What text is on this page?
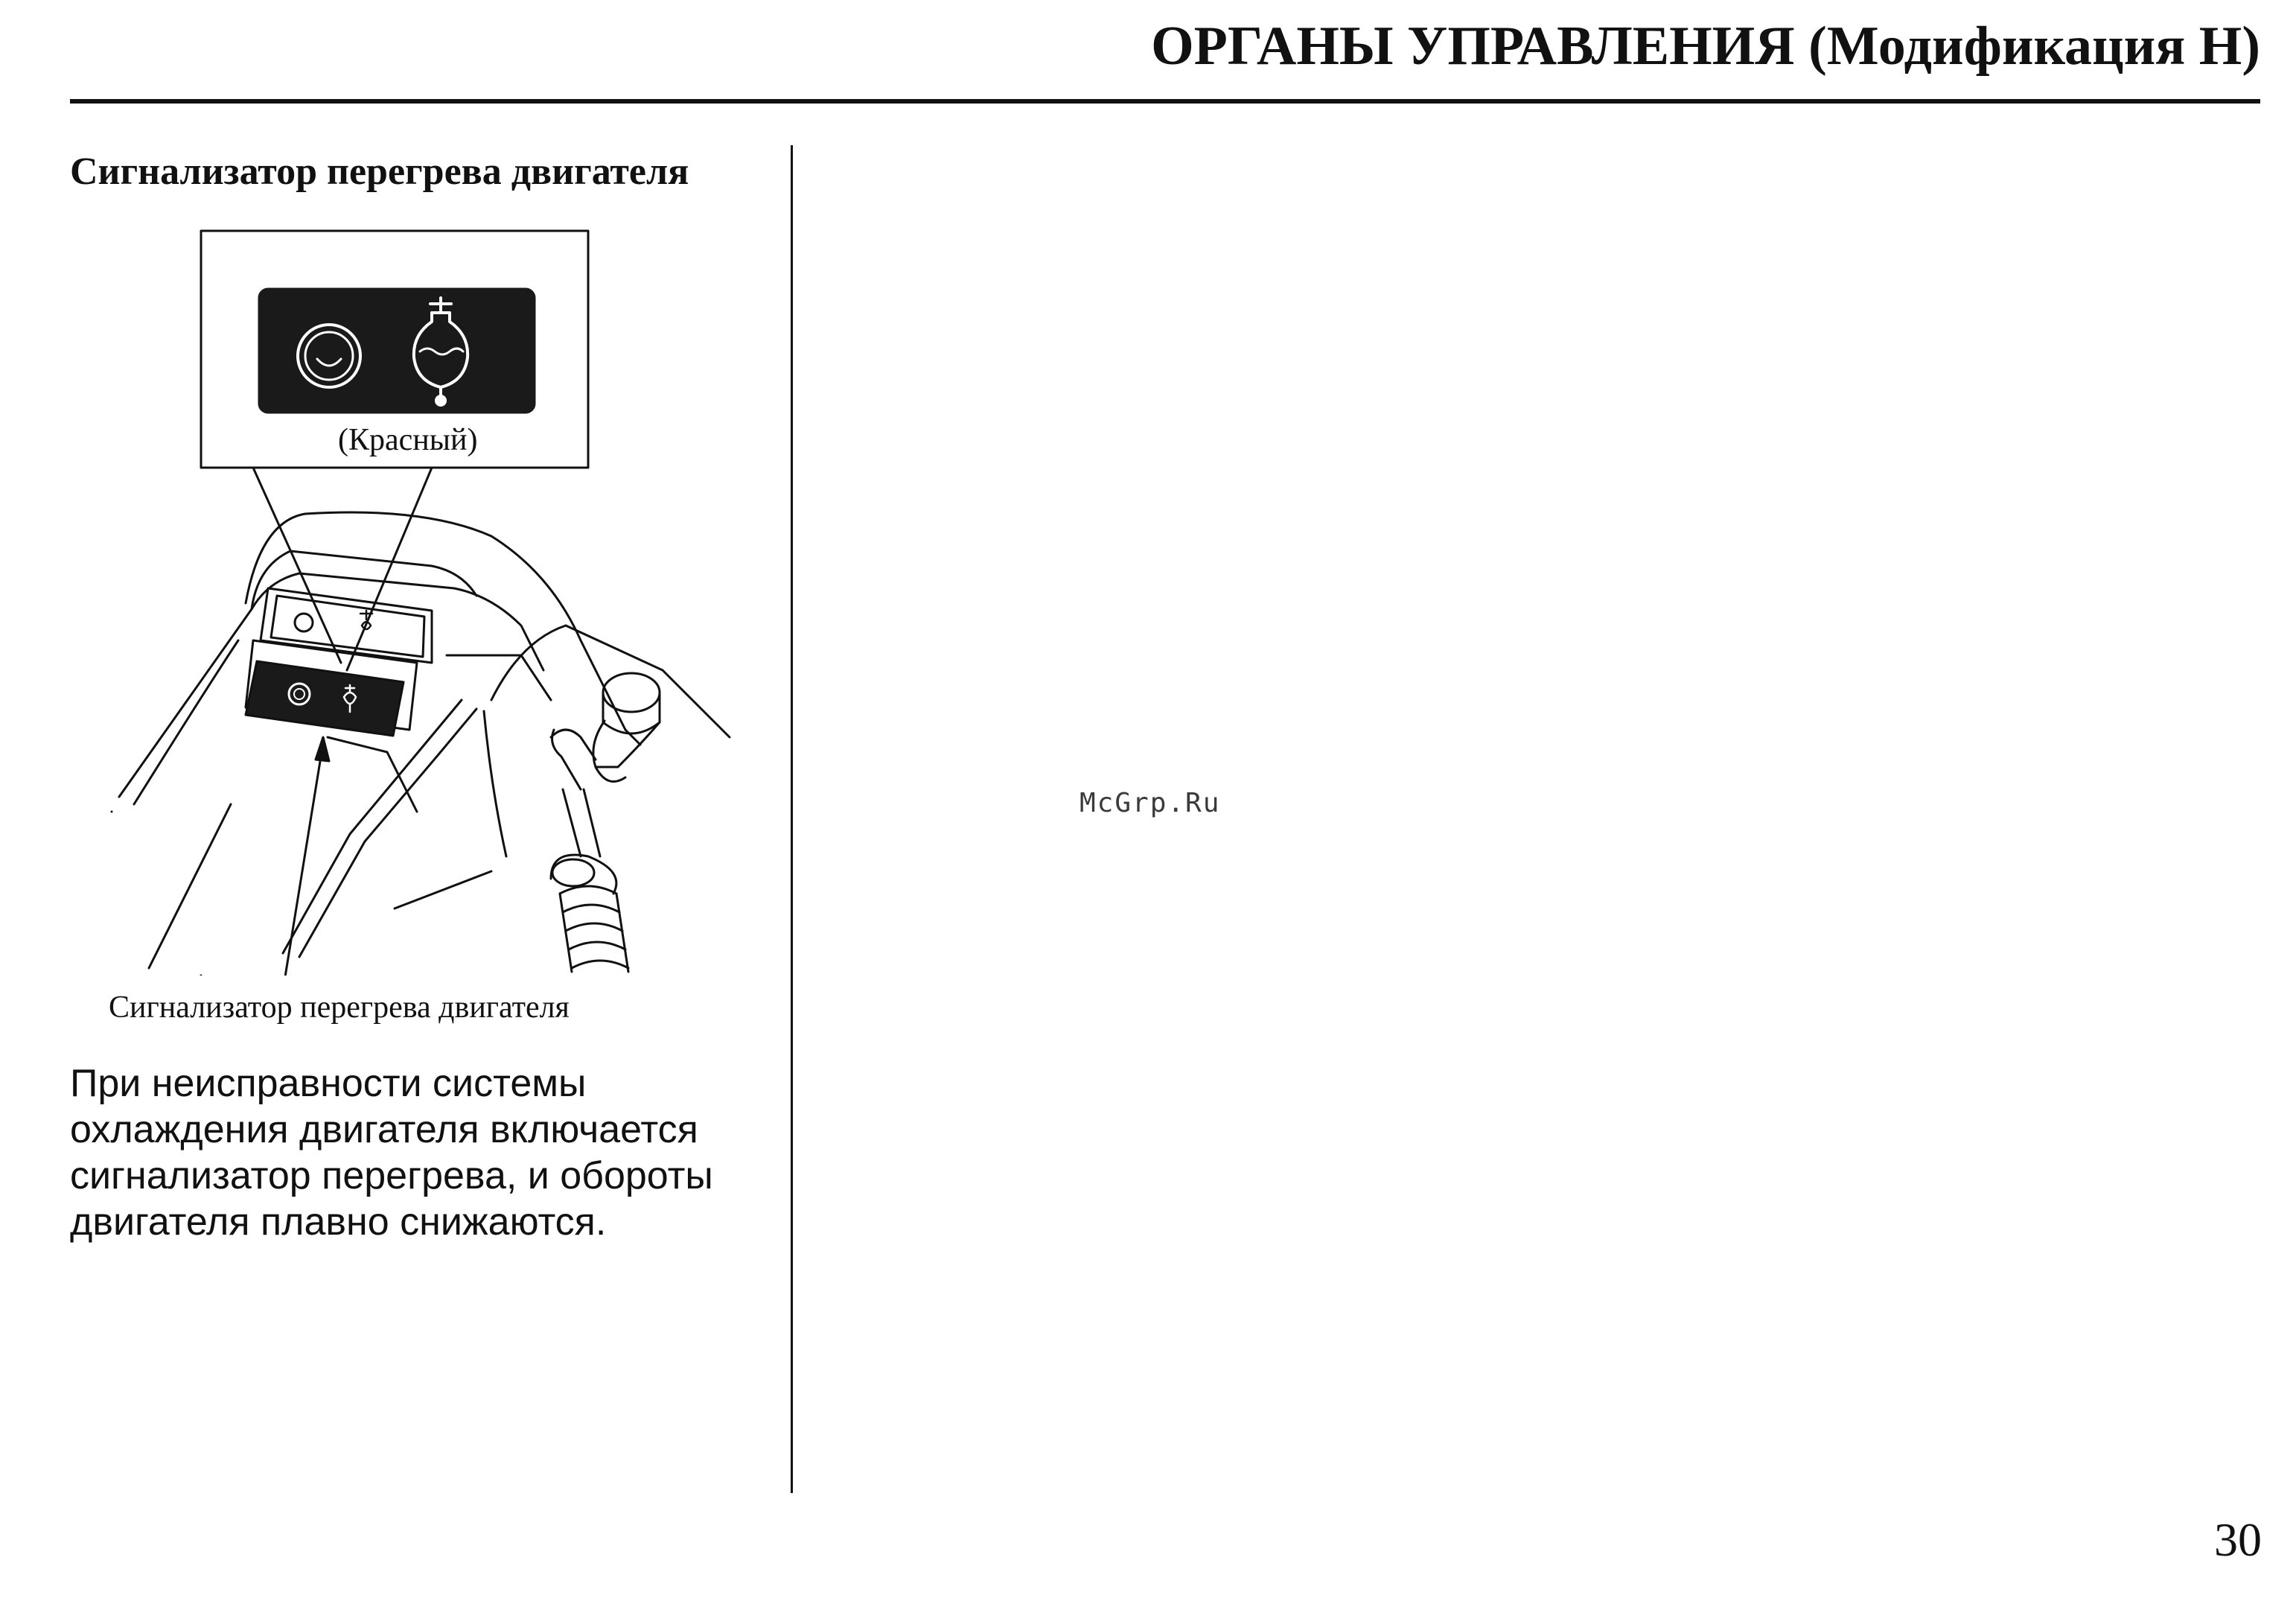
ОРГАНЫ УПРАВЛЕНИЯ (Модификация H)
Сигнализатор перегрева двигателя
(Красный)
Сигнализатор перегрева двигателя
При неисправности системы
охлаждения двигателя включается
сигнализатор перегрева, и обороты
двигателя плавно снижаются.
McGrp.Ru
30
